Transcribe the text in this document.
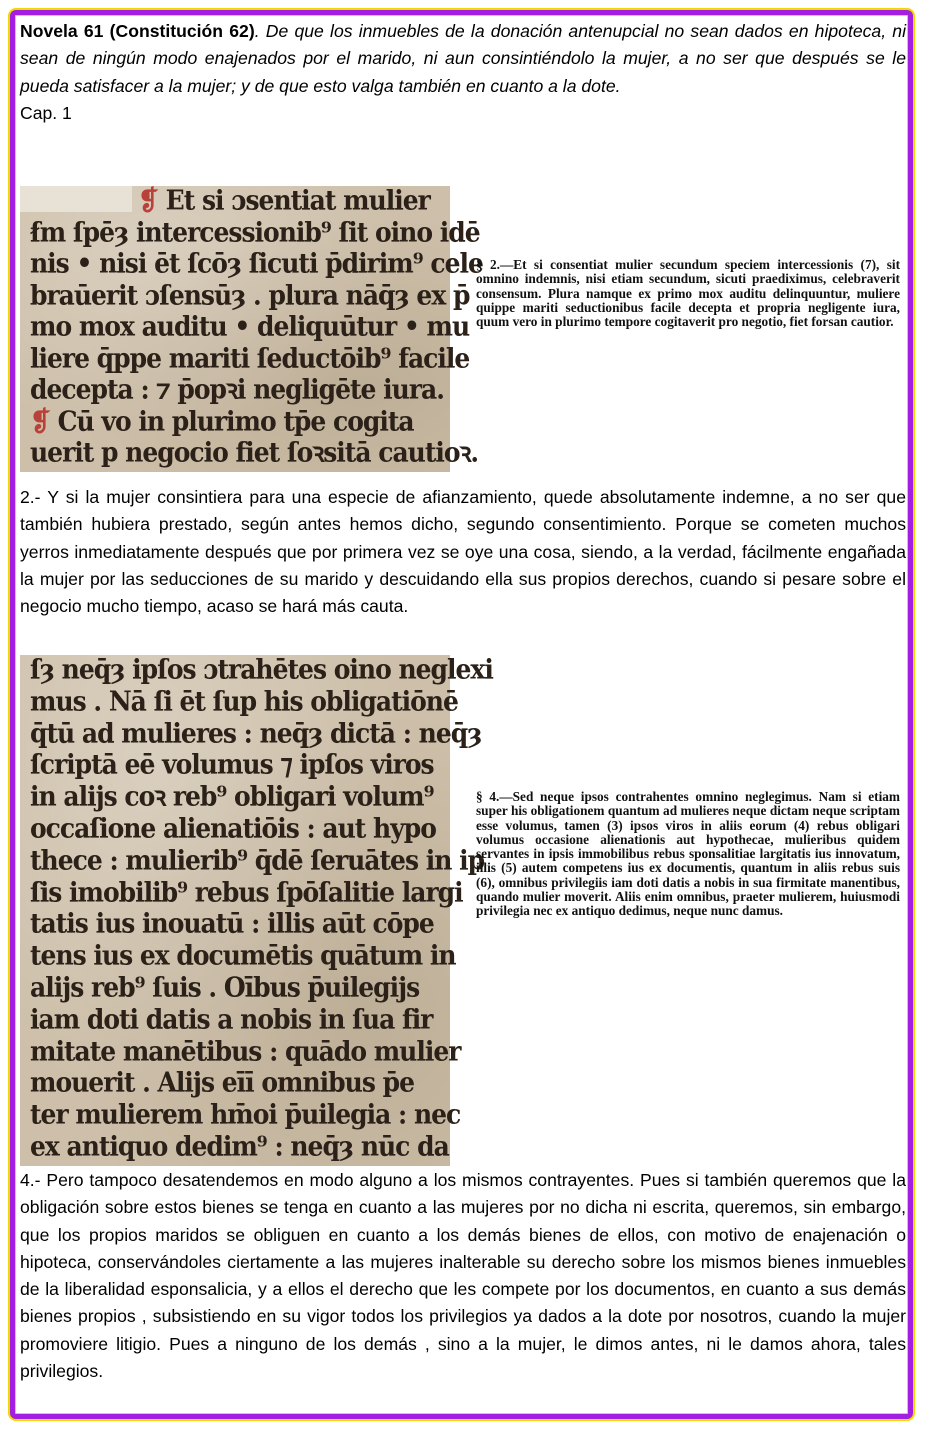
Novela 61 (Constitución 62). De que los inmuebles de la donación antenupcial no sean dados en hipoteca, ni sean de ningún modo enajenados por el marido, ni aun consintiéndolo la mujer, a no ser que después se le pueda satisfacer a la mujer; y de que esto valga también en cuanto a la dote.
Cap. 1

❡ Et si ɔsentiat mulier
ẜm ſpēȝ intercessionib⁹ ſit oino idē
nis • nisi ēt ſcōȝ ſicuti p̄dirim⁹ cele
braūerit ɔſensūȝ . plura nāq̄ȝ ex p̄
mo mox auditu • deliquūtur • mu
liere q̄ppe mariti ſeductōib⁹ facile
decepta : ⁊ p̄opꝛi negligēte iura.
❡ Cū vo in plurimo tp̄e cogita
uerit p negocio fiet ſoꝛsitā cautioꝛ.

§ 2.—Et si consentiat mulier secundum speciem intercessionis (7), sit omnino indemnis, nisi etiam secundum, sicuti praediximus, celebraverit consensum. Plura namque ex primo mox auditu delinquuntur, muliere quippe mariti seductionibus facile decepta et propria negligente iura, quum vero in plurimo tempore cogitaverit pro negotio, fiet forsan cautior.

2.- Y si la mujer consintiera para una especie de afianzamiento, quede absolutamente indemne, a no ser que también hubiera prestado, según antes hemos dicho, segundo consentimiento. Porque se cometen muchos yerros inmediatamente después que por primera vez se oye una cosa, siendo, a la verdad, fácilmente engañada la mujer por las seducciones de su marido y descuidando ella sus propios derechos, cuando si pesare sobre el negocio mucho tiempo, acaso se hará más cauta.

ſȝ neq̄ȝ ipſos ɔtrahētes oino neglexi
mus . Nā ſi ēt ſup his obligatiōnē
q̄tū ad mulieres : neq̄ȝ dictā : neq̄ȝ
ſcriptā eē volumus ⁊ ipſos viros
in alijs coꝛ reb⁹ obligari volum⁹
occaſione alienatiōis : aut hypo
thece : mulierib⁹ q̄dē ſeruātes in ip
ſis imobilib⁹ rebus ſpōſalitie largi
tatis ius inouatū : illis aūt cōpe
tens ius ex documētis quātum in
alijs reb⁹ ſuis . Oībus p̄uilegijs
iam doti datis a nobis in ſua fir
mitate manētibus : quādo mulier
mouerit . Alijs eīī omnibus p̄e
ter mulierem hm̄oi p̄uilegia : nec
ex antiquo dedim⁹ : neq̄ȝ nūc da

§ 4.—Sed neque ipsos contrahentes omnino neglegimus. Nam si etiam super his obligationem quantum ad mulieres neque dictam neque scriptam esse volumus, tamen (3) ipsos viros in aliis eorum (4) rebus obligari volumus occasione alienationis aut hypothecae, mulieribus quidem servantes in ipsis immobilibus rebus sponsalitiae largitatis ius innovatum, illis (5) autem competens ius ex documentis, quantum in aliis rebus suis (6), omnibus privilegiis iam doti datis a nobis in sua firmitate manentibus, quando mulier moverit. Aliis enim omnibus, praeter mulierem, huiusmodi privilegia nec ex antiquo dedimus, neque nunc damus.

4.- Pero tampoco desatendemos en modo alguno a los mismos contrayentes. Pues si también queremos que la obligación sobre estos bienes se tenga en cuanto a las mujeres por no dicha ni escrita, queremos, sin embargo, que los propios maridos se obliguen en cuanto a los demás bienes de ellos, con motivo de enajenación o hipoteca, conservándoles ciertamente a las mujeres inalterable su derecho sobre los mismos bienes inmuebles de la liberalidad esponsalicia, y a ellos el derecho que les compete por los documentos, en cuanto a sus demás bienes propios , subsistiendo en su vigor todos los privilegios ya dados a la dote por nosotros, cuando la mujer promoviere litigio. Pues a ninguno de los demás , sino a la mujer, le dimos antes, ni le damos ahora, tales privilegios.
